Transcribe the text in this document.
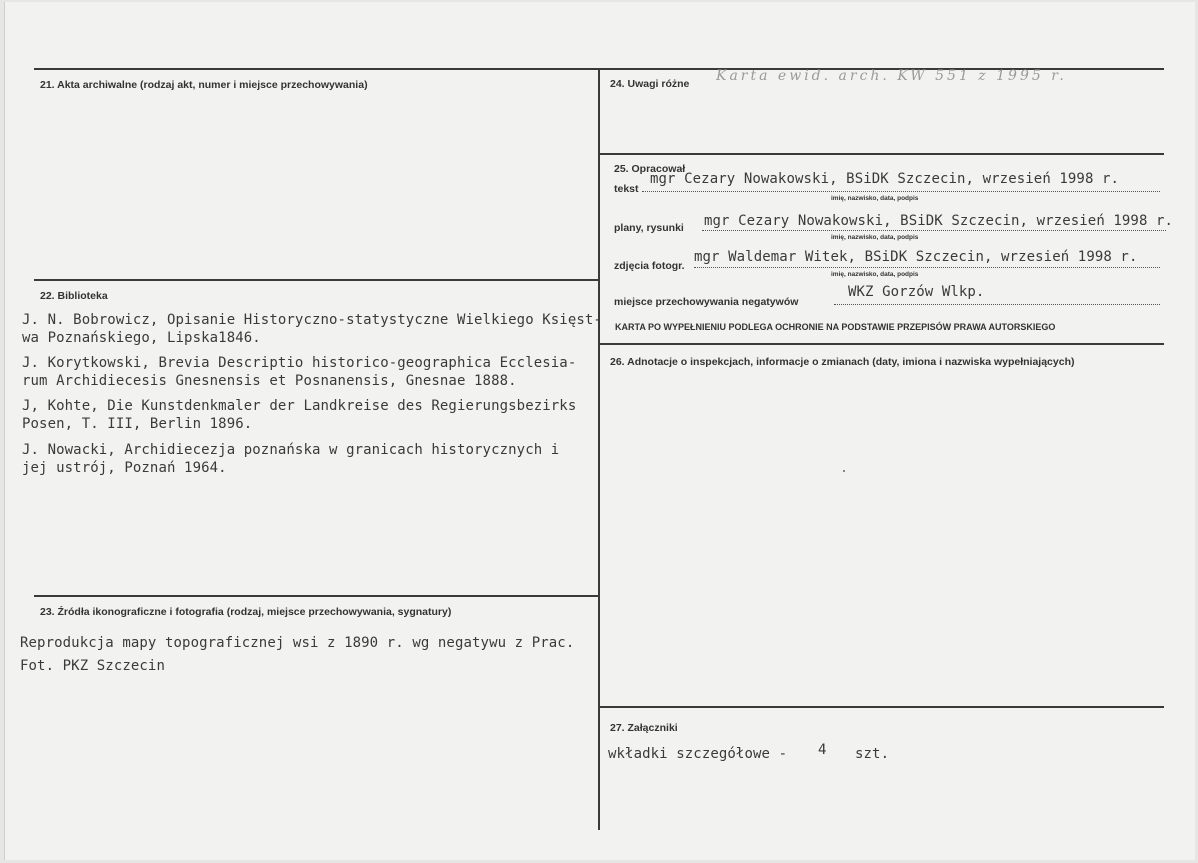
21. Akta archiwalne (rodzaj akt, numer i miejsce przechowywania)
22. Biblioteka
J. N. Bobrowicz, Opisanie Historyczno-statystyczne Wielkiego Księst-
wa Poznańskiego, Lipska1846.
J. Korytkowski, Brevia Descriptio historico-geographica Ecclesia-
rum Archidiecesis Gnesnensis et Posnanensis, Gnesnae 1888.
J, Kohte, Die Kunstdenkmaler der Landkreise des Regierungsbezirks
Posen, T. III, Berlin 1896.
J. Nowacki, Archidiecezja poznańska w granicach historycznych i
jej ustrój, Poznań 1964.
23. Źródła ikonograficzne i fotografia (rodzaj, miejsce przechowywania, sygnatury)
Reprodukcja mapy topograficznej wsi z 1890 r. wg negatywu z Prac.
Fot. PKZ Szczecin
24. Uwagi różne Karta ewid. arch. KW 551 z 1995 r.
25. Opracował
tekst
mgr Cezary Nowakowski, BSiDK Szczecin, wrzesień 1998 r.
imię, nazwisko, data, podpis
plany, rysunki mgr Cezary Nowakowski, BSiDK Szczecin, wrzesień 1998 r.
imię, nazwisko, data, podpis
zdjęcia fotogr.
mgr Waldemar Witek, BSiDK Szczecin, wrzesień 1998 r.
imię, nazwisko, data, podpis
miejsce przechowywania negatywów
WKZ Gorzów Wlkp.
KARTA PO WYPEŁNIENIU PODLEGA OCHRONIE NA PODSTAWIE PRZEPISÓW PRAWA AUTORSKIEGO
26. Adnotacje o inspekcjach, informacje o zmianach (daty, imiona i nazwiska wypełniających)
27. Załączniki
wkładki szczegółowe - 4 szt.
